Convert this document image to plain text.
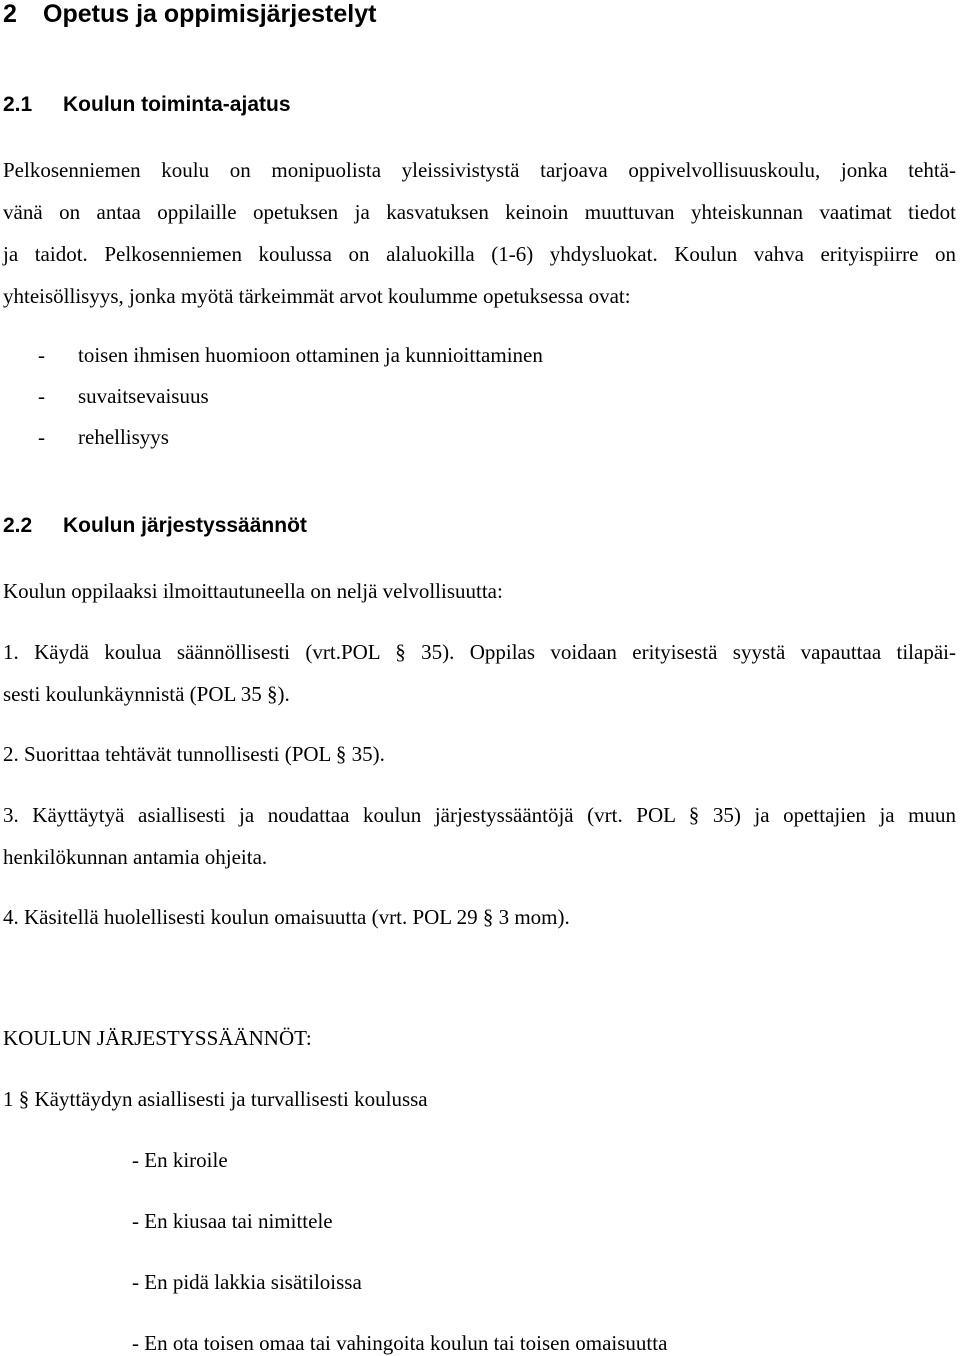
2 Opetus ja oppimisjärjestelyt
2.1 Koulun toiminta-ajatus
Pelkosenniemen koulu on monipuolista yleissivistystä tarjoava oppivelvollisuuskoulu, jonka tehtä-
vänä on antaa oppilaille opetuksen ja kasvatuksen keinoin muuttuvan yhteiskunnan vaatimat tiedot
ja taidot. Pelkosenniemen koulussa on alaluokilla (1-6) yhdysluokat. Koulun vahva erityispiirre on
yhteisöllisyys, jonka myötä tärkeimmät arvot koulumme opetuksessa ovat:
- toisen ihmisen huomioon ottaminen ja kunnioittaminen
- suvaitsevaisuus
- rehellisyys
2.2 Koulun järjestyssäännöt
Koulun oppilaaksi ilmoittautuneella on neljä velvollisuutta:
1. Käydä koulua säännöllisesti (vrt.POL § 35). Oppilas voidaan erityisestä syystä vapauttaa tilapäi-
sesti koulunkäynnistä (POL 35 §).
2. Suorittaa tehtävät tunnollisesti (POL § 35).
3. Käyttäytyä asiallisesti ja noudattaa koulun järjestyssääntöjä (vrt. POL § 35) ja opettajien ja muun
henkilökunnan antamia ohjeita.
4. Käsitellä huolellisesti koulun omaisuutta (vrt. POL 29 § 3 mom).
KOULUN JÄRJESTYSSÄÄNNÖT:
1 § Käyttäydyn asiallisesti ja turvallisesti koulussa
- En kiroile
- En kiusaa tai nimittele
- En pidä lakkia sisätiloissa
- En ota toisen omaa tai vahingoita koulun tai toisen omaisuutta
